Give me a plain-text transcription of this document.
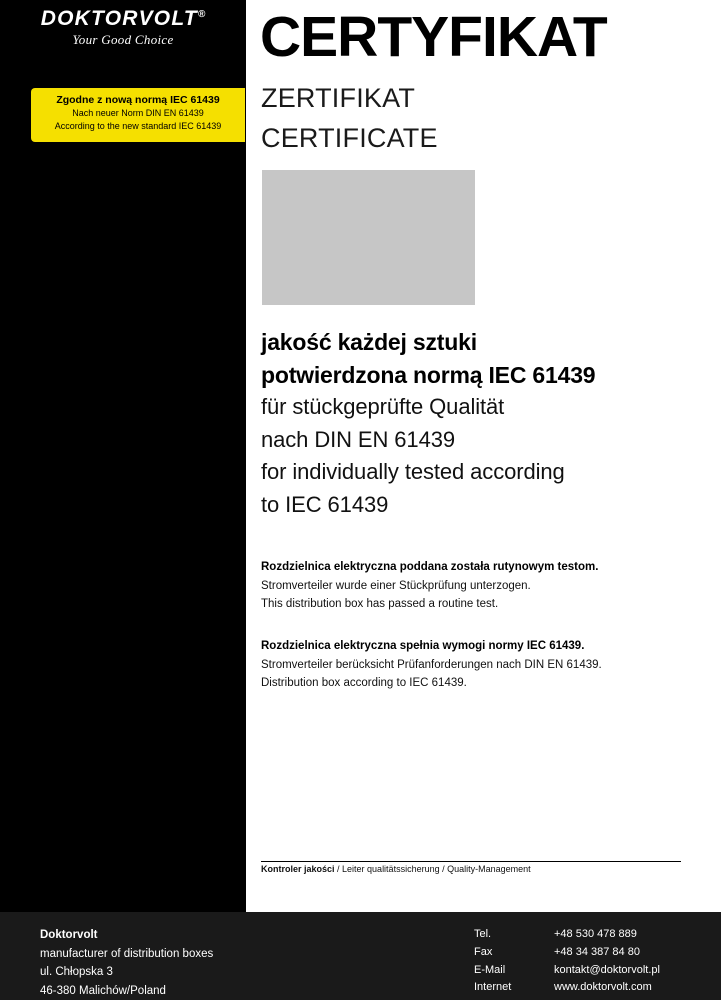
DOKTORVOLT®
Your Good Choice
Zgodne z nową normą IEC 61439
Nach neuer Norm DIN EN 61439
According to the new standard IEC 61439
CERTYFIKAT
ZERTIFIKAT
CERTIFICATE
jakość każdej sztuki
potwierdzona normą IEC 61439
für stückgeprüfte Qualität
nach DIN EN 61439
for individually tested according
to IEC 61439
Rozdzielnica elektryczna poddana została rutynowym testom.
Stromverteiler wurde einer Stückprüfung unterzogen.
This distribution box has passed a routine test.
Rozdzielnica elektryczna spełnia wymogi normy IEC 61439.
Stromverteiler berücksicht Prüfanforderungen nach DIN EN 61439.
Distribution box according to IEC 61439.
Kontroler jakości / Leiter qualitätssicherung / Quality-Management
Doktorvolt
manufacturer of distribution boxes
ul. Chłopska 3
46-380 Malichów/Poland
Tel.	+48 530 478 889
Fax	+48 34 387 84 80
E-Mail	kontakt@doktorvolt.pl
Internet	www.doktorvolt.com
